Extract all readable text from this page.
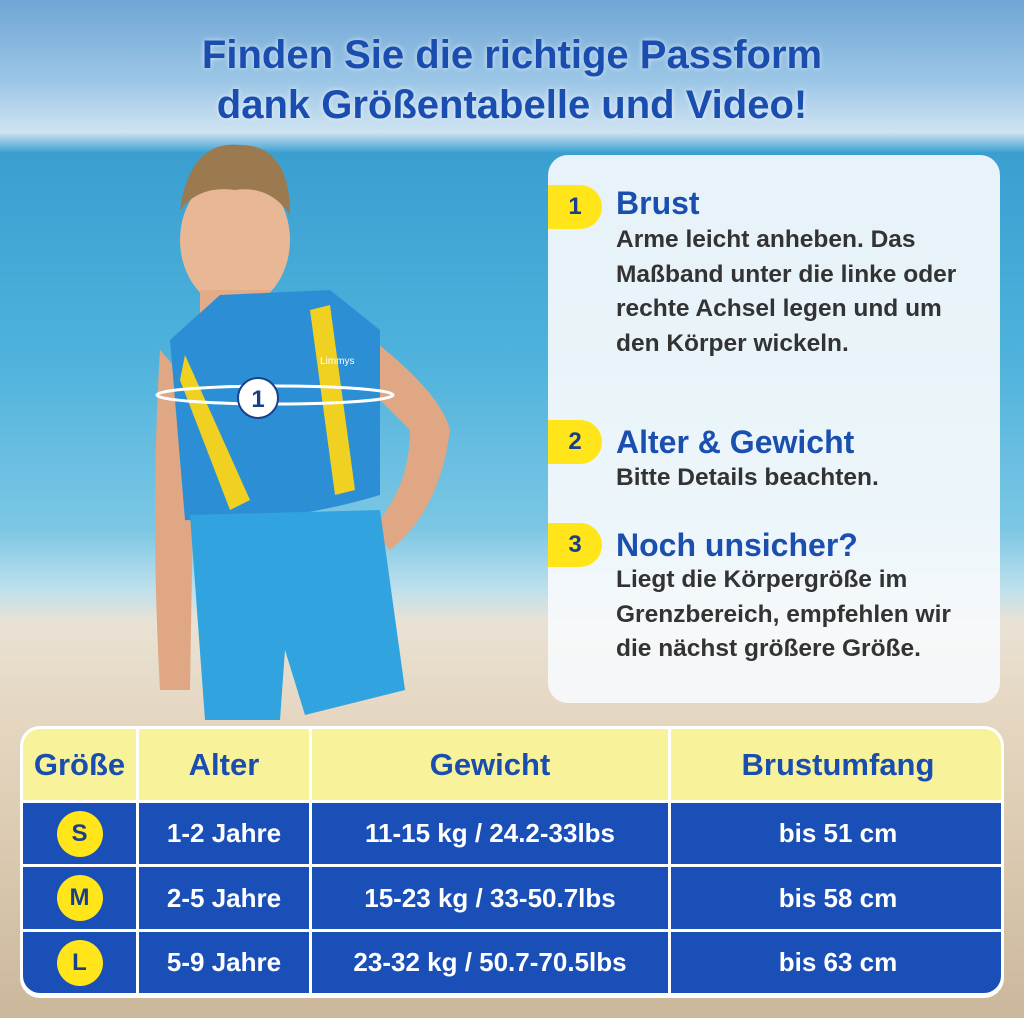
Finden Sie die richtige Passform
dank Größentabelle und Video!
Limmys
1
1	Brust
Arme leicht anheben. Das Maßband unter die linke oder rechte Achsel legen und um den Körper wickeln.
2	Alter & Gewicht
Bitte Details beachten.
3	Noch unsicher?
Liegt die Körpergröße im Grenzbereich, empfehlen wir die nächst größere Größe.
Größe	Alter	Gewicht	Brustumfang
S	1-2 Jahre	11-15 kg / 24.2-33lbs	bis 51 cm
M	2-5 Jahre	15-23 kg / 33-50.7lbs	bis 58 cm
L	5-9 Jahre	23-32 kg / 50.7-70.5lbs	bis 63 cm
